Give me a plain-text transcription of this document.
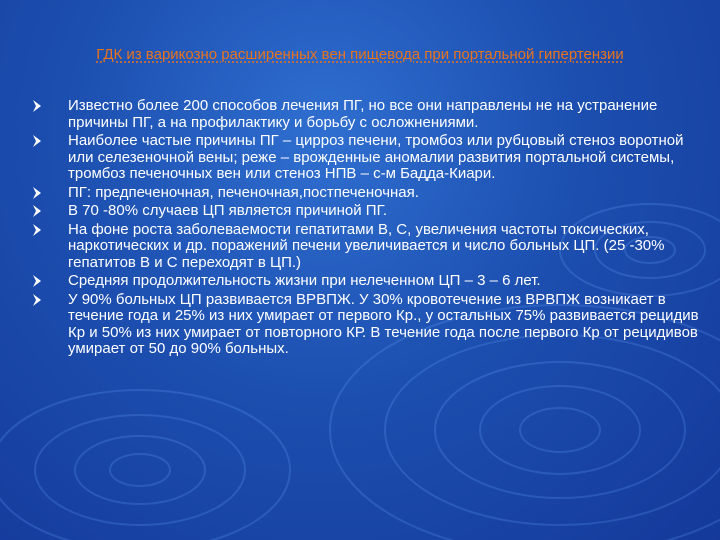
ГДК из варикозно расширенных вен пищевода при портальной гипертензии
Известно более 200 способов лечения ПГ, но все они направлены не на устранение причины ПГ, а на профилактику и борьбу с осложнениями.
Наиболее частые причины ПГ – цирроз печени, тромбоз или рубцовый стеноз воротной или селезеночной вены; реже – врожденные аномалии развития портальной системы, тромбоз печеночных вен или стеноз НПВ – с-м Бадда-Киари.
ПГ: предпеченочная, печеночная,постпеченочная.
В 70 -80% случаев ЦП является причиной ПГ.
На фоне роста заболеваемости гепатитами В, С, увеличения частоты токсических, наркотических и др. поражений печени увеличивается и число больных ЦП. (25 -30% гепатитов В и С переходят в ЦП.)
Средняя продолжительность жизни при нелеченном ЦП – 3 – 6 лет.
У 90% больных ЦП развивается ВРВПЖ. У 30% кровотечение из ВРВПЖ возникает в течение года и 25% из них умирает от первого Кр., у остальных 75% развивается рецидив Кр и 50% из них умирает от повторного КР. В течение года после первого Кр от рецидивов умирает от 50 до 90% больных.
